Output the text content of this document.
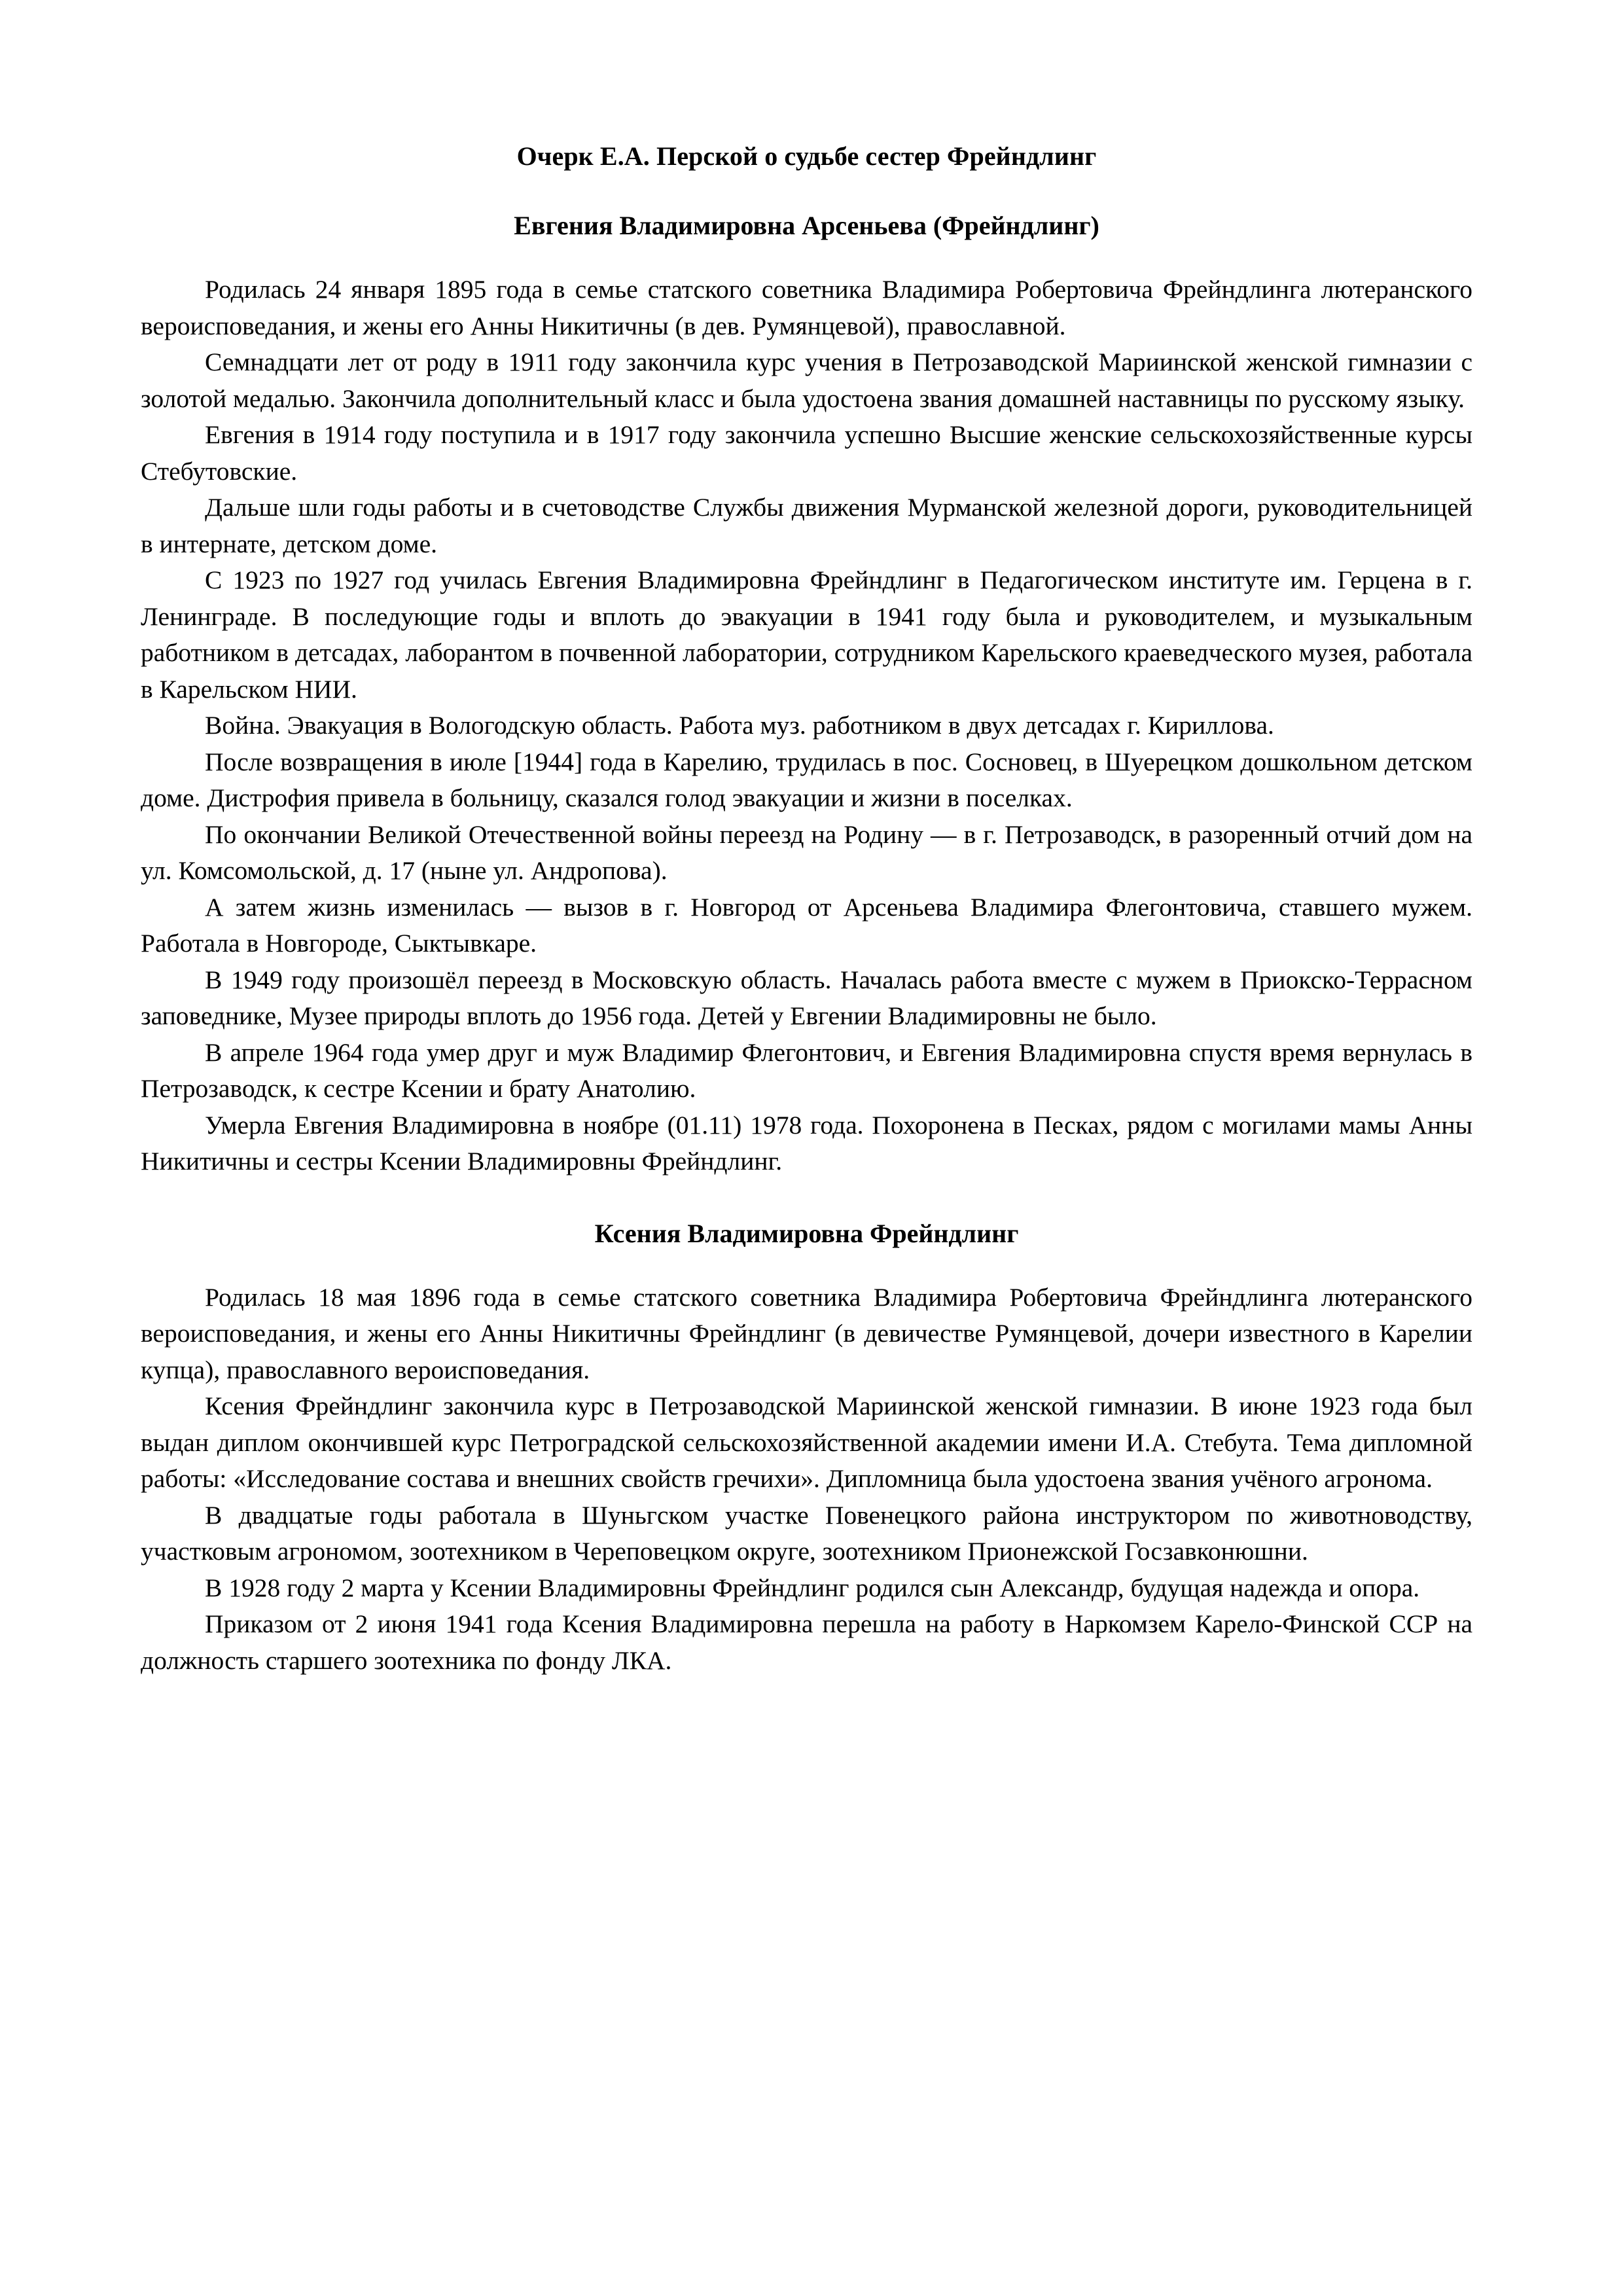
Очерк Е.А. Перской о судьбе сестер Фрейндлинг
Евгения Владимировна Арсеньева (Фрейндлинг)

Родилась 24 января 1895 года в семье статского советника Владимира Робертовича Фрейндлинга лютеранского вероисповедания, и жены его Анны Никитичны (в дев. Румянцевой), православной.

Семнадцати лет от роду в 1911 году закончила курс учения в Петрозаводской Мариинской женской гимназии с золотой медалью. Закончила дополнительный класс и была удостоена звания домашней наставницы по русскому языку.

Евгения в 1914 году поступила и в 1917 году закончила успешно Высшие женские сельскохозяйственные курсы Стебутовские.

Дальше шли годы работы и в счетоводстве Службы движения Мурманской железной дороги, руководительницей в интернате, детском доме.

С 1923 по 1927 год училась Евгения Владимировна Фрейндлинг в Педагогическом институте им. Герцена в г. Ленинграде. В последующие годы и вплоть до эвакуации в 1941 году была и руководителем, и музыкальным работником в детсадах, лаборантом в почвенной лаборатории, сотрудником Карельского краеведческого музея, работала в Карельском НИИ.

Война. Эвакуация в Вологодскую область. Работа муз. работником в двух детсадах г. Кириллова.

После возвращения в июле [1944] года в Карелию, трудилась в пос. Сосновец, в Шуерецком дошкольном детском доме. Дистрофия привела в больницу, сказался голод эвакуации и жизни в поселках.

По окончании Великой Отечественной войны переезд на Родину — в г. Петрозаводск, в разоренный отчий дом на ул. Комсомольской, д. 17 (ныне ул. Андропова).

А затем жизнь изменилась — вызов в г. Новгород от Арсеньева Владимира Флегонтовича, ставшего мужем. Работала в Новгороде, Сыктывкаре.

В 1949 году произошёл переезд в Московскую область. Началась работа вместе с мужем в Приокско-Террасном заповеднике, Музее природы вплоть до 1956 года. Детей у Евгении Владимировны не было.

В апреле 1964 года умер друг и муж Владимир Флегонтович, и Евгения Владимировна спустя время вернулась в Петрозаводск, к сестре Ксении и брату Анатолию.

Умерла Евгения Владимировна в ноябре (01.11) 1978 года. Похоронена в Песках, рядом с могилами мамы Анны Никитичны и сестры Ксении Владимировны Фрейндлинг.

Ксения Владимировна Фрейндлинг

Родилась 18 мая 1896 года в семье статского советника Владимира Робертовича Фрейндлинга лютеранского вероисповедания, и жены его Анны Никитичны Фрейндлинг (в девичестве Румянцевой, дочери известного в Карелии купца), православного вероисповедания.

Ксения Фрейндлинг закончила курс в Петрозаводской Мариинской женской гимназии. В июне 1923 года был выдан диплом окончившей курс Петроградской сельскохозяйственной академии имени И.А. Стебута. Тема дипломной работы: «Исследование состава и внешних свойств гречихи». Дипломница была удостоена звания учёного агронома.

В двадцатые годы работала в Шуньгском участке Повенецкого района инструктором по животноводству, участковым агрономом, зоотехником в Череповецком округе, зоотехником Прионежской Госзавконюшни.

В 1928 году 2 марта у Ксении Владимировны Фрейндлинг родился сын Александр, будущая надежда и опора.

Приказом от 2 июня 1941 года Ксения Владимировна перешла на работу в Наркомзем Карело-Финской ССР на должность старшего зоотехника по фонду ЛКА.
